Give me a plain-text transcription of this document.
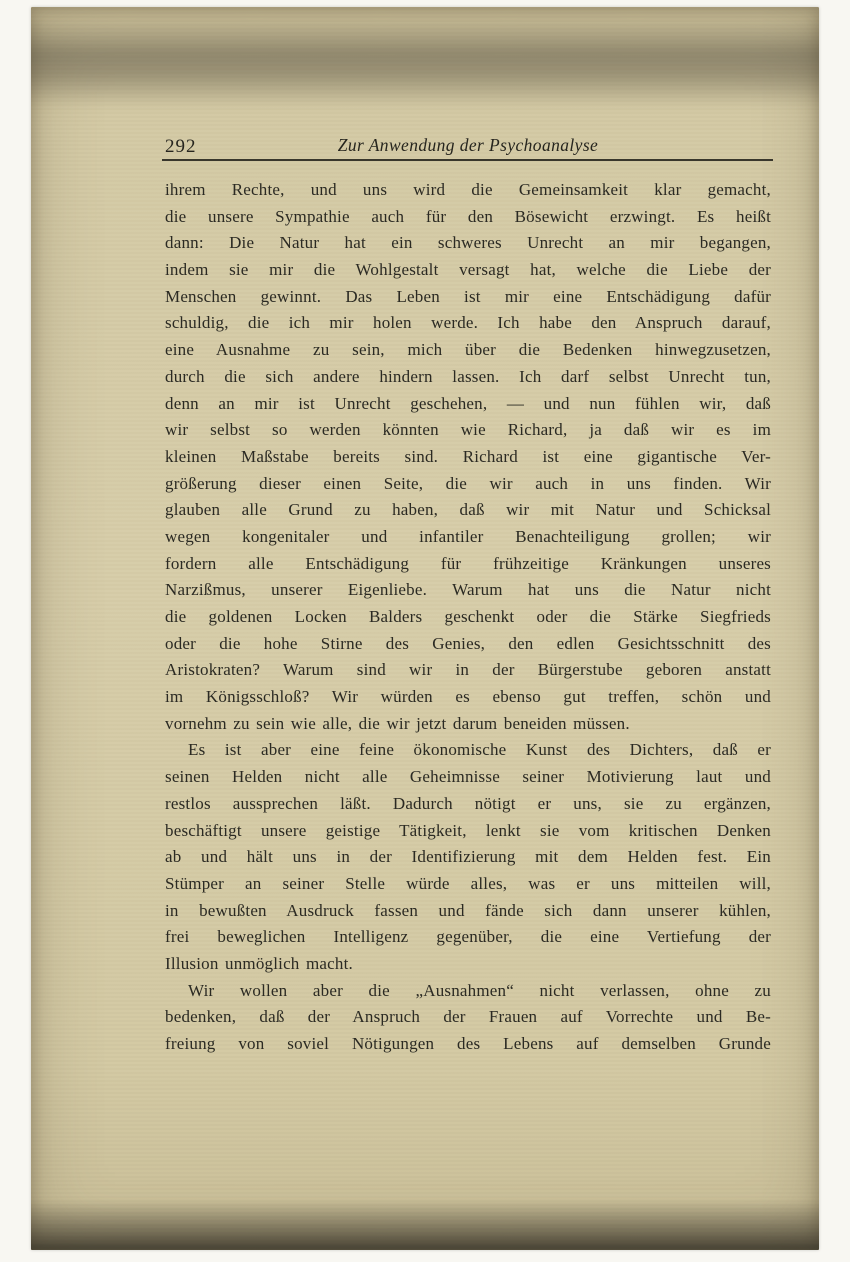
292	Zur Anwendung der Psychoanalyse
ihrem Rechte, und uns wird die Gemeinsamkeit klar gemacht,
die unsere Sympathie auch für den Bösewicht erzwingt. Es heißt
dann: Die Natur hat ein schweres Unrecht an mir begangen,
indem sie mir die Wohlgestalt versagt hat, welche die Liebe der
Menschen gewinnt. Das Leben ist mir eine Entschädigung dafür
schuldig, die ich mir holen werde. Ich habe den Anspruch darauf,
eine Ausnahme zu sein, mich über die Bedenken hinwegzusetzen,
durch die sich andere hindern lassen. Ich darf selbst Unrecht tun,
denn an mir ist Unrecht geschehen, — und nun fühlen wir, daß
wir selbst so werden könnten wie Richard, ja daß wir es im
kleinen Maßstabe bereits sind. Richard ist eine gigantische Ver-
größerung dieser einen Seite, die wir auch in uns finden. Wir
glauben alle Grund zu haben, daß wir mit Natur und Schicksal
wegen kongenitaler und infantiler Benachteiligung grollen; wir
fordern alle Entschädigung für frühzeitige Kränkungen unseres
Narzißmus, unserer Eigenliebe. Warum hat uns die Natur nicht
die goldenen Locken Balders geschenkt oder die Stärke Siegfrieds
oder die hohe Stirne des Genies, den edlen Gesichtsschnitt des
Aristokraten? Warum sind wir in der Bürgerstube geboren anstatt
im Königsschloß? Wir würden es ebenso gut treffen, schön und
vornehm zu sein wie alle, die wir jetzt darum beneiden müssen.
Es ist aber eine feine ökonomische Kunst des Dichters, daß er
seinen Helden nicht alle Geheimnisse seiner Motivierung laut und
restlos aussprechen läßt. Dadurch nötigt er uns, sie zu ergänzen,
beschäftigt unsere geistige Tätigkeit, lenkt sie vom kritischen Denken
ab und hält uns in der Identifizierung mit dem Helden fest. Ein
Stümper an seiner Stelle würde alles, was er uns mitteilen will,
in bewußten Ausdruck fassen und fände sich dann unserer kühlen,
frei beweglichen Intelligenz gegenüber, die eine Vertiefung der
Illusion unmöglich macht.
Wir wollen aber die „Ausnahmen“ nicht verlassen, ohne zu
bedenken, daß der Anspruch der Frauen auf Vorrechte und Be-
freiung von soviel Nötigungen des Lebens auf demselben Grunde
